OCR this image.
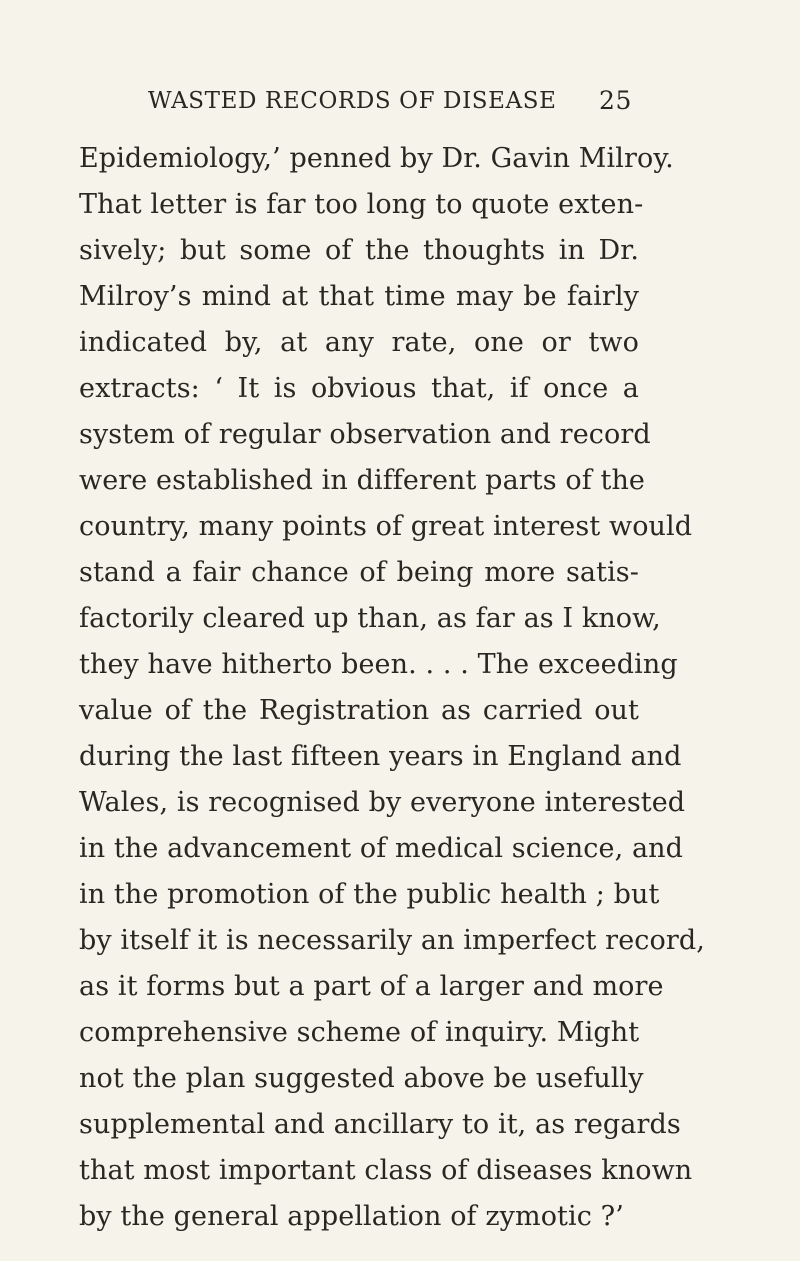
WASTED RECORDS OF DISEASE 25
Epidemiology,’ penned by Dr. Gavin Milroy.
That letter is far too long to quote exten-
sively; but some of the thoughts in Dr.
Milroy’s mind at that time may be fairly
indicated by, at any rate, one or two
extracts: ‘ It is obvious that, if once a
system of regular observation and record
were established in different parts of the
country, many points of great interest would
stand a fair chance of being more satis-
factorily cleared up than, as far as I know,
they have hitherto been. . . . The exceeding
value of the Registration as carried out
during the last fifteen years in England and
Wales, is recognised by everyone interested
in the advancement of medical science, and
in the promotion of the public health ; but
by itself it is necessarily an imperfect record,
as it forms but a part of a larger and more
comprehensive scheme of inquiry. Might
not the plan suggested above be usefully
supplemental and ancillary to it, as regards
that most important class of diseases known
by the general appellation of zymotic ?’
